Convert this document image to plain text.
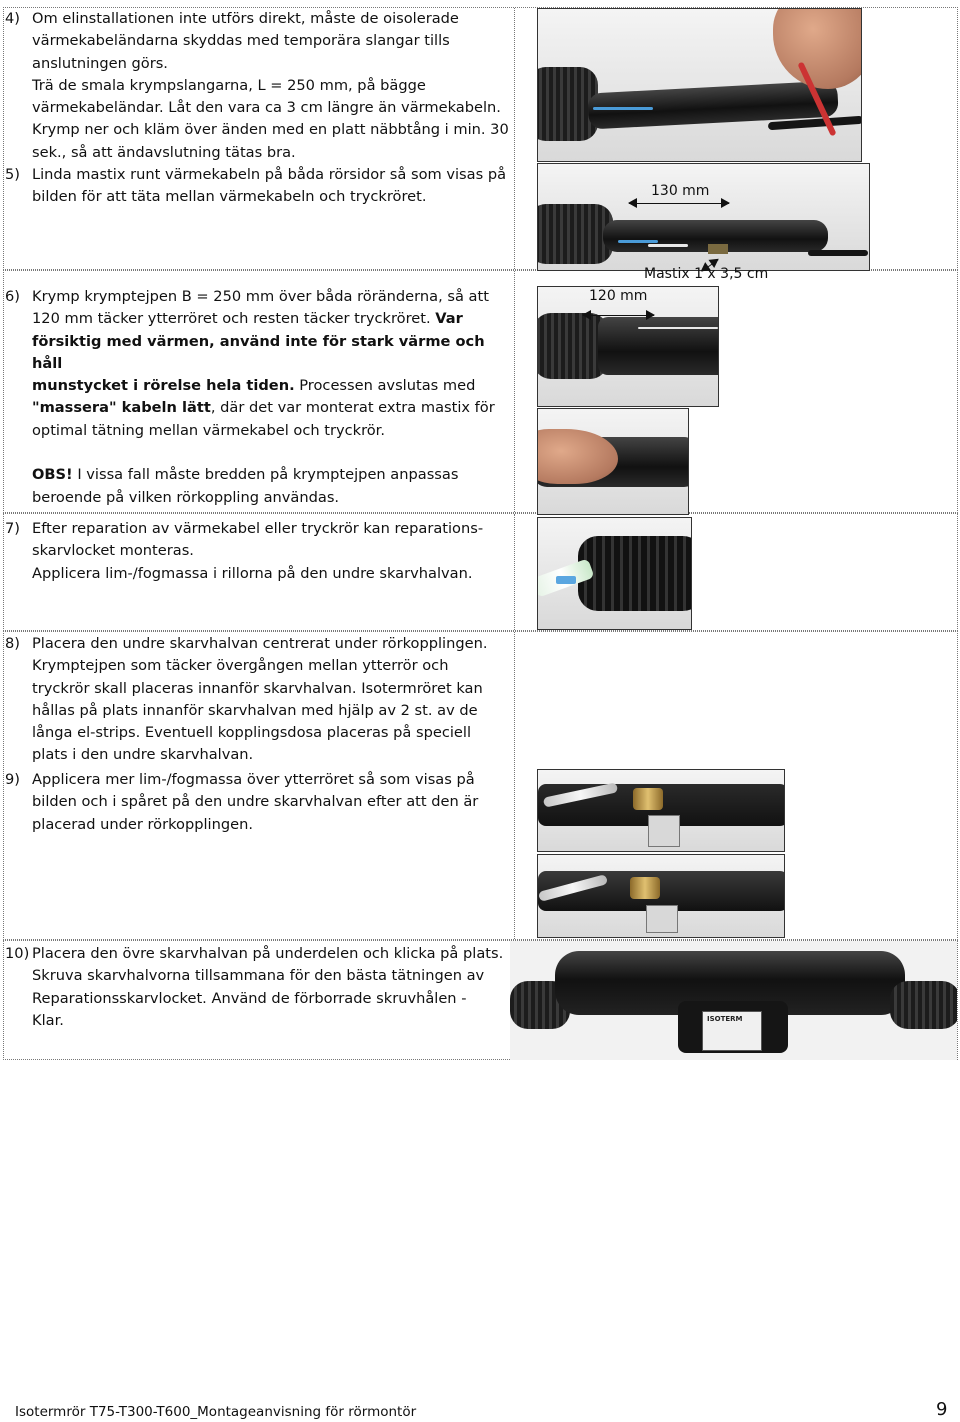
4) Om elinstallationen inte utförs direkt, måste de oisolerade
värmekabeländarna skyddas med temporära slangar tills
anslutningen görs.
Trä de smala krympslangarna, L = 250 mm, på bägge
värmekabeländar. Låt den vara ca 3 cm längre än värmekabeln.
Krymp ner och kläm över änden med en platt näbbtång i min. 30
sek., så att ändavslutning tätas bra.
5) Linda mastix runt värmekabeln på båda rörsidor så som visas på
bilden för att täta mellan värmekabeln och tryckröret.
6) Krymp krymptejpen B = 250 mm över båda röränderna, så att
120 mm täcker ytterröret och resten täcker tryckröret. Var
försiktig med värmen, använd inte för stark värme och håll
munstycket i rörelse hela tiden. Processen avslutas med
"massera" kabeln lätt, där det var monterat extra mastix för
optimal tätning mellan värmekabel och tryckrör.
OBS! I vissa fall måste bredden på krymptejpen anpassas
beroende på vilken rörkoppling användas.
7) Efter reparation av värmekabel eller tryckrör kan reparations-
skarvlocket monteras.
Applicera lim-/fogmassa i rillorna på den undre skarvhalvan.
8) Placera den undre skarvhalvan centrerat under rörkopplingen.
Krymptejpen som täcker övergången mellan ytterrör och
tryckrör skall placeras innanför skarvhalvan. Isotermröret kan
hållas på plats innanför skarvhalvan med hjälp av 2 st. av de
långa el-strips. Eventuell kopplingsdosa placeras på speciell
plats i den undre skarvhalvan.
9) Applicera mer lim-/fogmassa över ytterröret så som visas på
bilden och i spåret på den undre skarvhalvan efter att den är
placerad under rörkopplingen.
10) Placera den övre skarvhalvan på underdelen och klicka på plats.
Skruva skarvhalvorna tillsammana för den bästa tätningen av
Reparationsskarvlocket. Använd de förborrade skruvhålen -
Klar.
130 mm
Mastix 1 x 3,5 cm
120 mm
ISOTERM
Isotermrör T75-T300-T600_Montageanvisning för rörmontör	9
